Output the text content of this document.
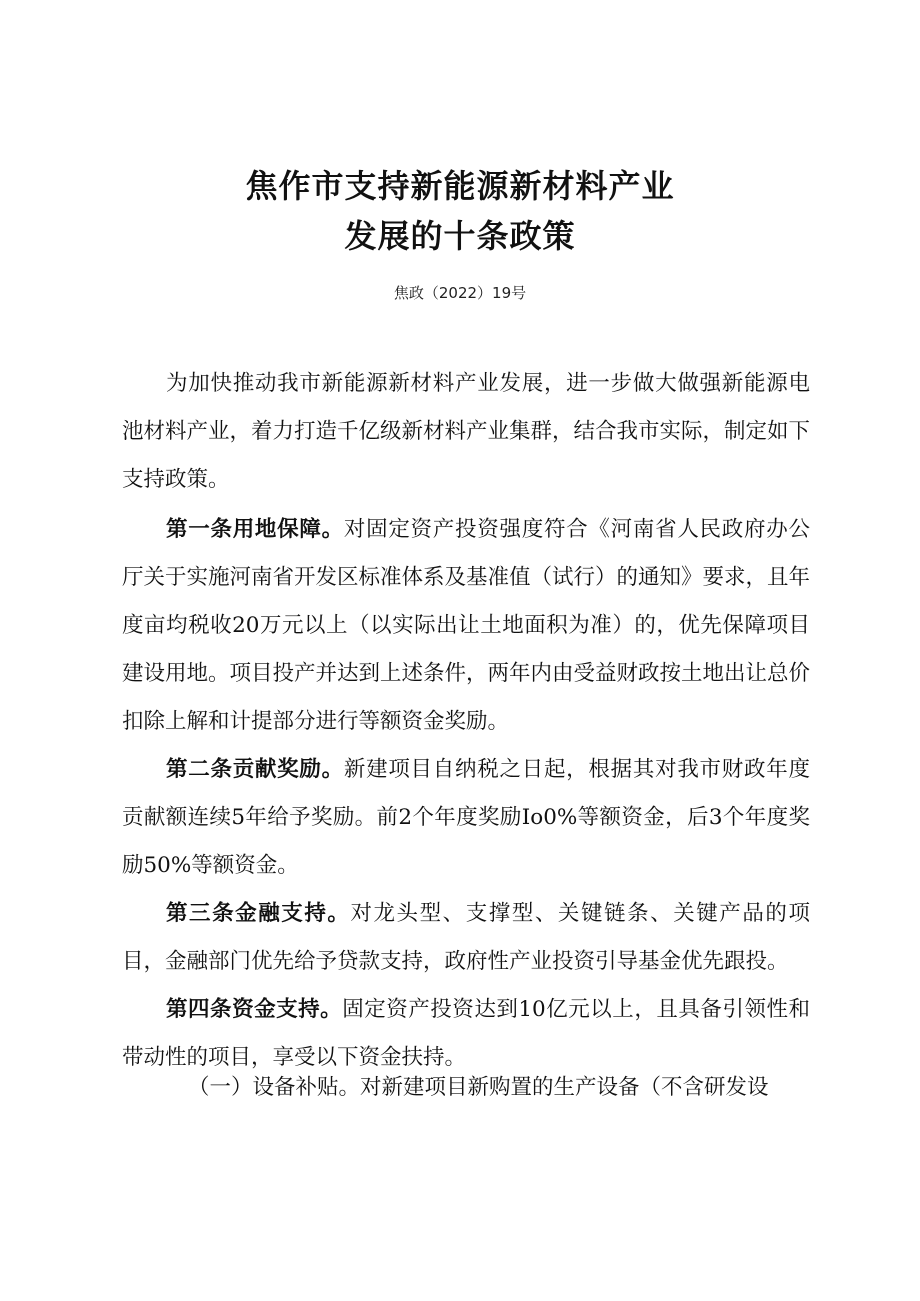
焦作市支持新能源新材料产业
发展的十条政策
焦政（2022）19号

为加快推动我市新能源新材料产业发展，进一步做大做强新能源电池材料产业，着力打造千亿级新材料产业集群，结合我市实际，制定如下支持政策。

第一条用地保障。对固定资产投资强度符合《河南省人民政府办公厅关于实施河南省开发区标准体系及基准值（试行）的通知》要求，且年度亩均税收20万元以上（以实际出让土地面积为准）的，优先保障项目建设用地。项目投产并达到上述条件，两年内由受益财政按土地出让总价扣除上解和计提部分进行等额资金奖励。

第二条贡献奖励。新建项目自纳税之日起，根据其对我市财政年度贡献额连续5年给予奖励。前2个年度奖励Io0%等额资金，后3个年度奖励50%等额资金。

第三条金融支持。对龙头型、支撑型、关键链条、关键产品的项目，金融部门优先给予贷款支持，政府性产业投资引导基金优先跟投。

第四条资金支持。固定资产投资达到10亿元以上，且具备引领性和带动性的项目，享受以下资金扶持。

（一）设备补贴。对新建项目新购置的生产设备（不含研发设
